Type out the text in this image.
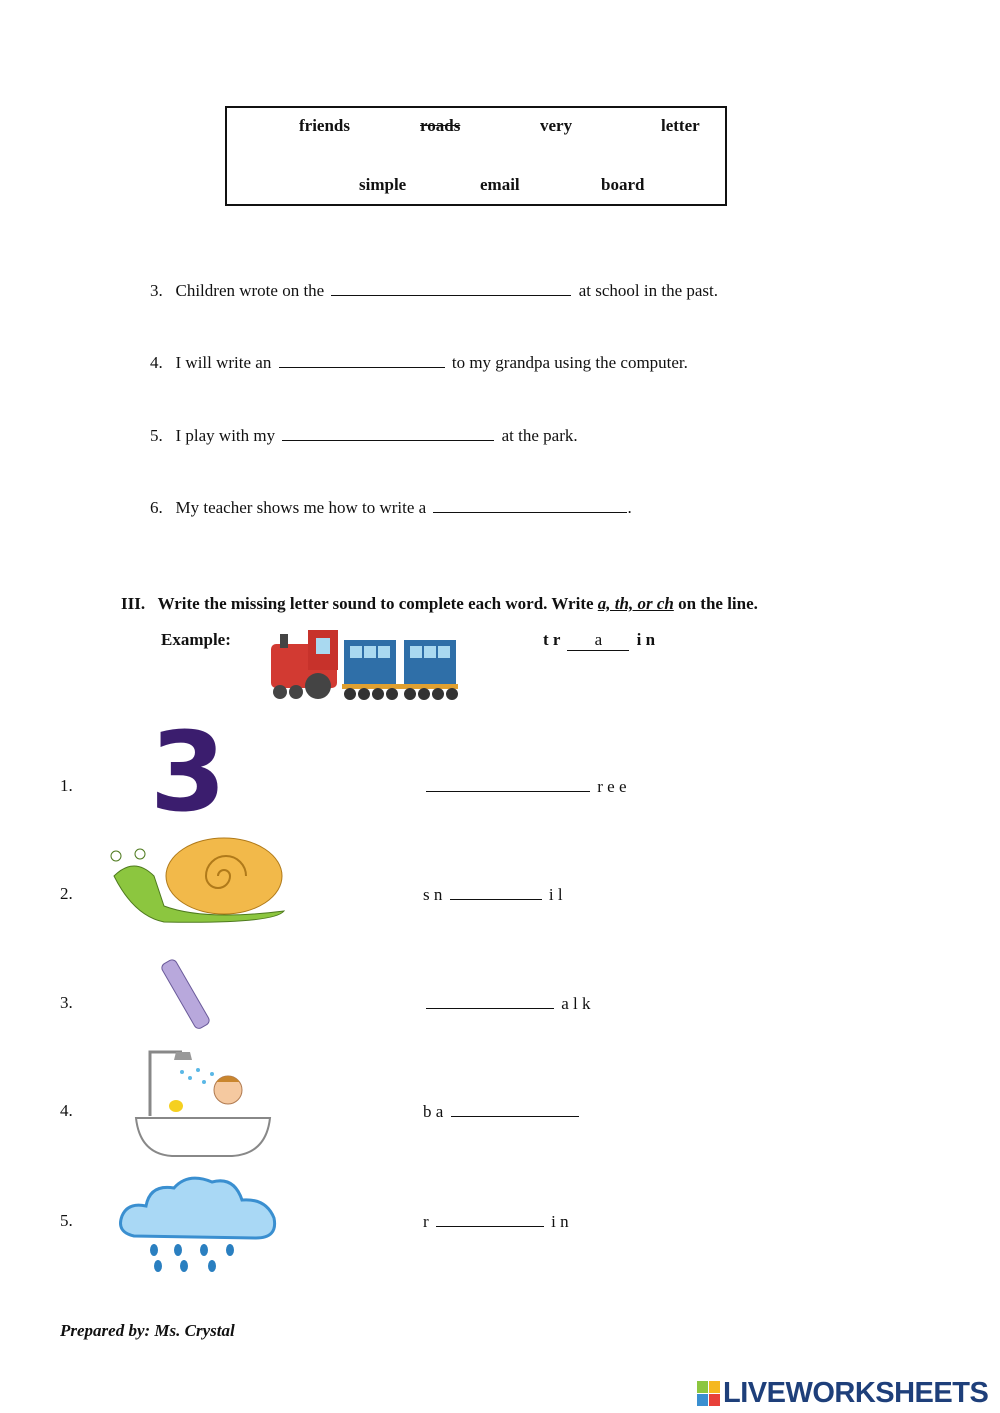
friends	roads	very	letter
simple	email	board
3. Children wrote on the	at school in the past.
4. I will write an	to my grandpa using the computer.
5. I play with my	at the park.
6. My teacher shows me how to write a	.
III. Write the missing letter sound to complete each word. Write a, th, or ch on the line.
Example:	t r a i n
1. 3	r e e
2.	s n	i l
3.	a l k
4.	b a
5.	r	i n
Prepared by: Ms. Crystal
LIVEWORKSHEETS
